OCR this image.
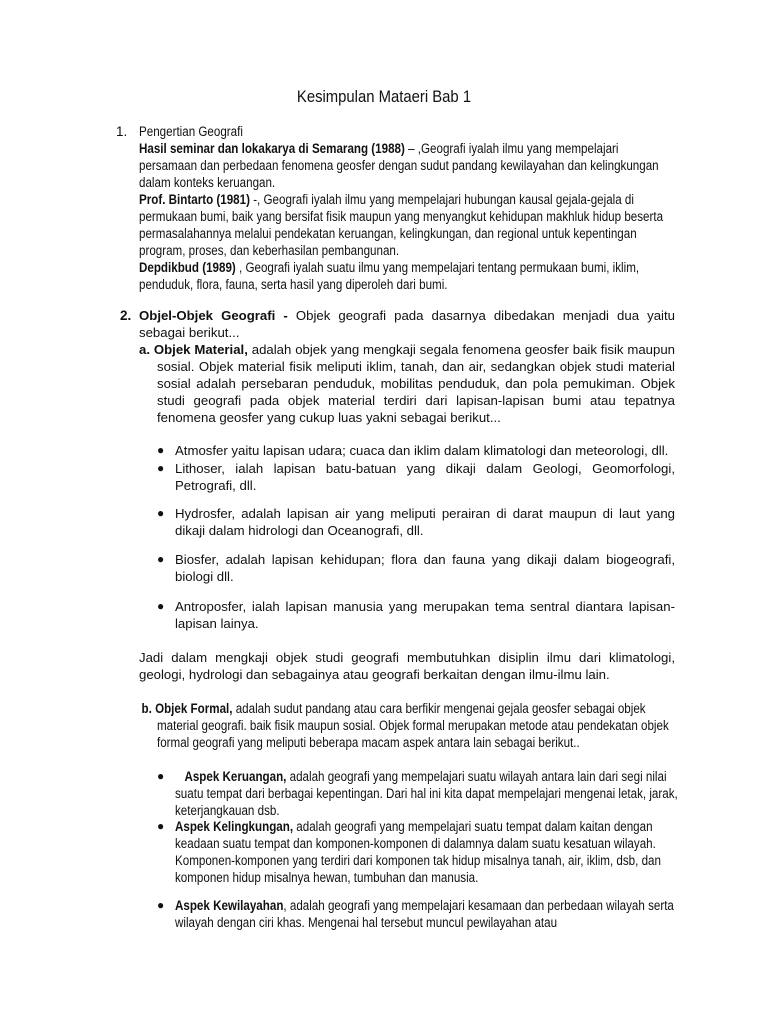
Kesimpulan Mataeri Bab 1
1. Pengertian Geografi

Hasil seminar dan lokakarya di Semarang (1988) – ,Geografi iyalah ilmu yang mempelajari persamaan dan perbedaan fenomena geosfer dengan sudut pandang kewilayahan dan kelingkungan dalam konteks keruangan.

Prof. Bintarto (1981) -, Geografi iyalah ilmu yang mempelajari hubungan kausal gejala-gejala di permukaan bumi, baik yang bersifat fisik maupun yang menyangkut kehidupan makhluk hidup beserta permasalahannya melalui pendekatan keruangan, kelingkungan, dan regional untuk kepentingan program, proses, dan keberhasilan pembangunan.

Depdikbud (1989) , Geografi iyalah suatu ilmu yang mempelajari tentang permukaan bumi, iklim, penduduk, flora, fauna, serta hasil yang diperoleh dari bumi.

2. Objel-Objek Geografi - Objek geografi pada dasarnya dibedakan menjadi dua yaitu sebagai berikut...
a. Objek Material, adalah objek yang mengkaji segala fenomena geosfer baik fisik maupun sosial. Objek material fisik meliputi iklim, tanah, dan air, sedangkan objek studi material sosial adalah persebaran penduduk, mobilitas penduduk, dan pola pemukiman. Objek studi geografi pada objek material terdiri dari lapisan-lapisan bumi atau tepatnya fenomena geosfer yang cukup luas yakni sebagai berikut...
● Atmosfer yaitu lapisan udara; cuaca dan iklim dalam klimatologi dan meteorologi, dll.
● Lithoser, ialah lapisan batu-batuan yang dikaji dalam Geologi, Geomorfologi, Petrografi, dll.
● Hydrosfer, adalah lapisan air yang meliputi perairan di darat maupun di laut yang dikaji dalam hidrologi dan Oceanografi, dll.
● Biosfer, adalah lapisan kehidupan; flora dan fauna yang dikaji dalam biogeografi, biologi dll.
● Antroposfer, ialah lapisan manusia yang merupakan tema sentral diantara lapisan-lapisan lainya.
Jadi dalam mengkaji objek studi geografi membutuhkan disiplin ilmu dari klimatologi, geologi, hydrologi dan sebagainya atau geografi berkaitan dengan ilmu-ilmu lain.
b. Objek Formal, adalah sudut pandang atau cara berfikir mengenai gejala geosfer sebagai objek material geografi. baik fisik maupun sosial. Objek formal merupakan metode atau pendekatan objek formal geografi yang meliputi beberapa macam aspek antara lain sebagai berikut..
●	Aspek Keruangan, adalah geografi yang mempelajari suatu wilayah antara lain dari segi nilai suatu tempat dari berbagai kepentingan. Dari hal ini kita dapat mempelajari mengenai letak, jarak, keterjangkauan dsb.
● Aspek Kelingkungan, adalah geografi yang mempelajari suatu tempat dalam kaitan dengan keadaan suatu tempat dan komponen-komponen di dalamnya dalam suatu kesatuan wilayah. Komponen-komponen yang terdiri dari komponen tak hidup misalnya tanah, air, iklim, dsb, dan komponen hidup misalnya hewan, tumbuhan dan manusia.
● Aspek Kewilayahan, adalah geografi yang mempelajari kesamaan dan perbedaan wilayah serta wilayah dengan ciri khas. Mengenai hal tersebut muncul pewilayahan atau
